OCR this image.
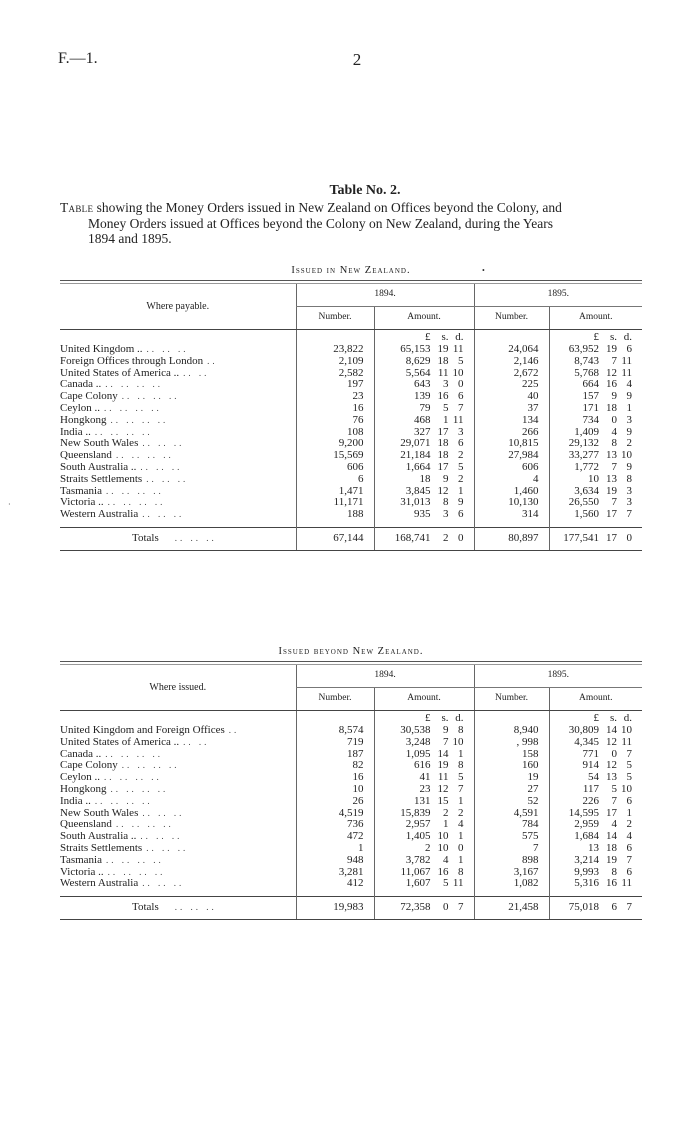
F.—1.	2
Table No. 2.
Table showing the Money Orders issued in New Zealand on Offices beyond the Colony, and
Money Orders issued at Offices beyond the Colony on New Zealand, during the Years
1894 and 1895.
•
·
Issued in New Zealand.

Where payable.	1894.		1895.	
	Number.	Amount.	Number.	Amount.

		£ s. d.		£ s. d.
United Kingdom .. .. .. ..	23,822	65,153 19 11	24,064	63,952 19 6
Foreign Offices through London ..	2,109	8,629 18 5	2,146	8,743 7 11
United States of America .. .. ..	2,582	5,564 11 10	2,672	5,768 12 11
Canada .. .. .. .. ..	197	643 3 0	225	664 16 4
Cape Colony .. .. .. ..	23	139 16 6	40	157 9 9
Ceylon .. .. .. .. ..	16	79 5 7	37	171 18 1
Hongkong .. .. .. ..	76	468 1 11	134	734 0 3
India .. .. .. .. ..	108	327 17 3	266	1,409 4 9
New South Wales .. .. ..	9,200	29,071 18 6	10,815	29,132 8 2
Queensland .. .. .. ..	15,569	21,184 18 2	27,984	33,277 13 10
South Australia .. .. .. ..	606	1,664 17 5	606	1,772 7 9
Straits Settlements .. .. ..	6	18 9 2	4	10 13 8
Tasmania .. .. .. ..	1,471	3,845 12 1	1,460	3,634 19 3
Victoria .. .. .. .. ..	11,171	31,013 8 9	10,130	26,550 7 3
Western Australia .. .. ..	188	935 3 6	314	1,560 17 7

Totals .. .. ..	67,144	168,741 2 0	80,897	177,541 17 0
Issued beyond New Zealand.

Where issued.	1894.		1895.	
	Number.	Amount.	Number.	Amount.

		£ s. d.		£ s. d.
United Kingdom and Foreign Offices ..	8,574	30,538 9 8	8,940	30,809 14 10
United States of America .. .. ..	719	3,248 7 10	, 998	4,345 12 11
Canada .. .. .. .. ..	187	1,095 14 1	158	771 0 7
Cape Colony .. .. .. ..	82	616 19 8	160	914 12 5
Ceylon .. .. .. .. ..	16	41 11 5	19	54 13 5
Hongkong .. .. .. ..	10	23 12 7	27	117 5 10
India .. .. .. .. ..	26	131 15 1	52	226 7 6
New South Wales .. .. ..	4,519	15,839 2 2	4,591	14,595 17 1
Queensland .. .. .. ..	736	2,957 1 4	784	2,959 4 2
South Australia .. .. .. ..	472	1,405 10 1	575	1,684 14 4
Straits Settlements .. .. ..	1	2 10 0	7	13 18 6
Tasmania .. .. .. ..	948	3,782 4 1	898	3,214 19 7
Victoria .. .. .. .. ..	3,281	11,067 16 8	3,167	9,993 8 6
Western Australia .. .. ..	412	1,607 5 11	1,082	5,316 16 11

Totals .. .. ..	19,983	72,358 0 7	21,458	75,018 6 7
